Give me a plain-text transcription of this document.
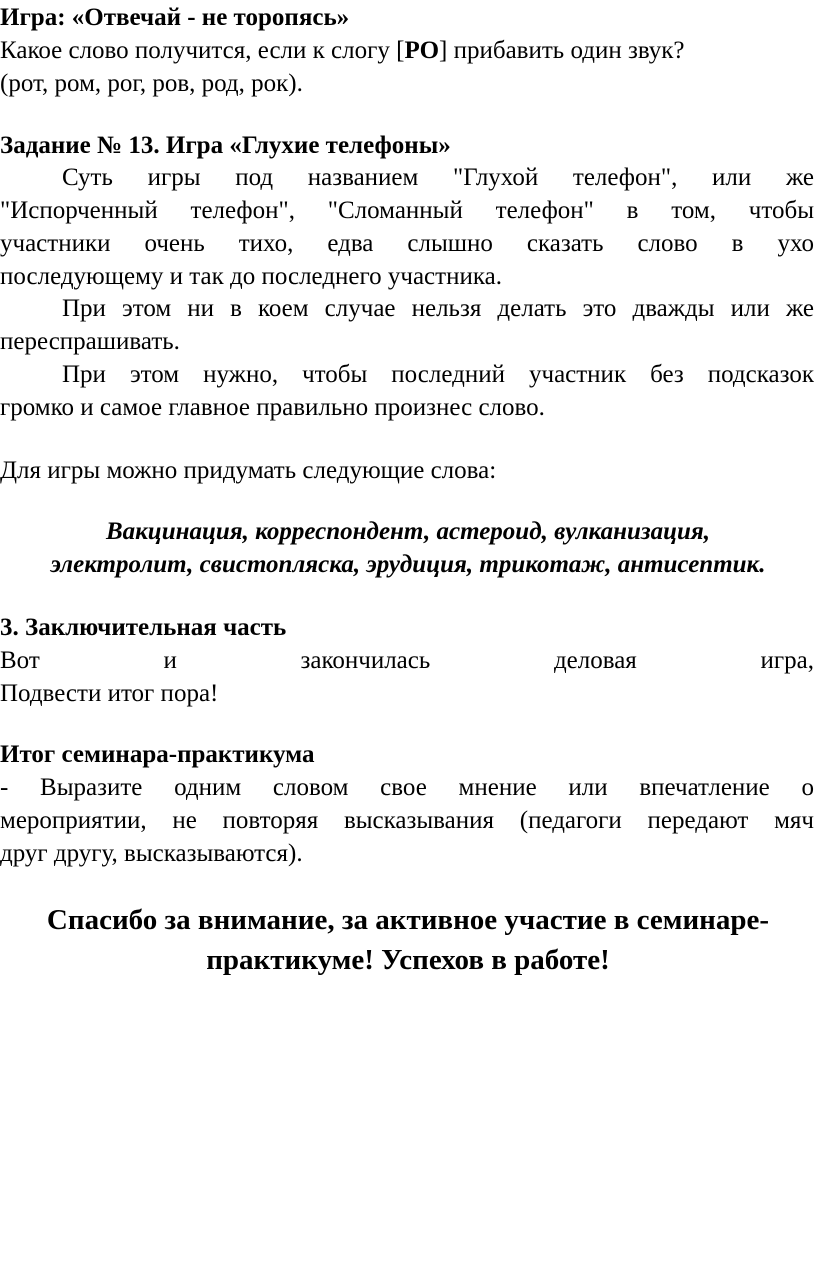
Игра: «Отвечай - не торопясь»
Какое слово получится, если к слогу [РО] прибавить один звук?
(рот, ром, рог, ров, род, рок).
Задание № 13. Игра «Глухие телефоны»
Суть игры под названием "Глухой телефон", или же
"Испорченный телефон", "Сломанный телефон" в том, чтобы
участники очень тихо, едва слышно сказать слово в ухо
последующему и так до последнего участника.
При этом ни в коем случае нельзя делать это дважды или же
переспрашивать.
При этом нужно, чтобы последний участник без подсказок
громко и самое главное правильно произнес слово.
Для игры можно придумать следующие слова:
Вакцинация, корреспондент, астероид, вулканизация,
электролит, свистопляска, эрудиция, трикотаж, антисептик.
3. Заключительная часть
Вот	и	закончилась	деловая	игра,
Подвести итог пора!
Итог семинара-практикума
- Выразите одним словом свое мнение или впечатление о
мероприятии, не повторяя высказывания (педагоги передают мяч
друг другу, высказываются).
Спасибо за внимание, за активное участие в семинаре-
практикуме! Успехов в работе!
